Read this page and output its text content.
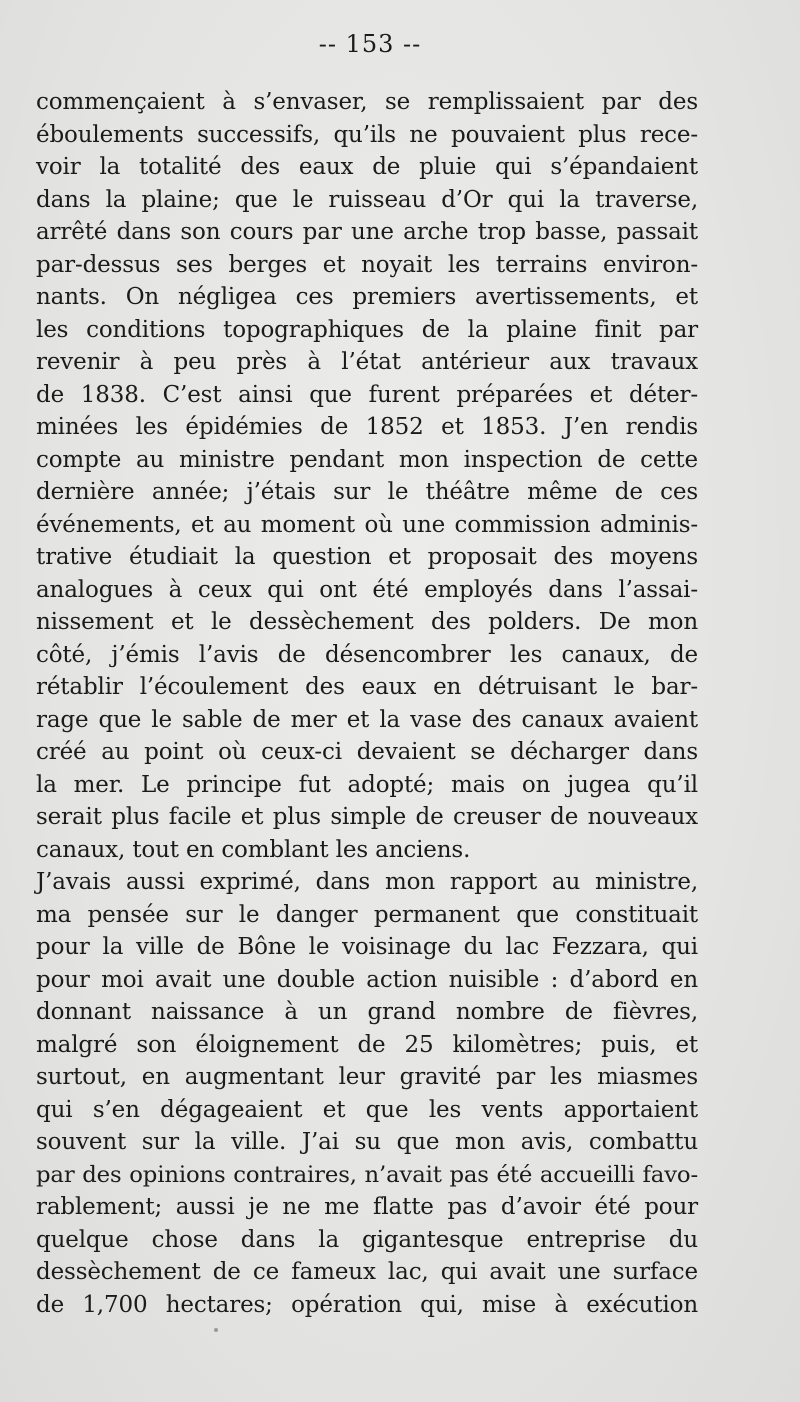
-- 153 --
commençaient à s’envaser, se remplissaient par des
éboulements successifs, qu’ils ne pouvaient plus rece-
voir la totalité des eaux de pluie qui s’épandaient
dans la plaine; que le ruisseau d’Or qui la traverse,
arrêté dans son cours par une arche trop basse, passait
par-dessus ses berges et noyait les terrains environ-
nants. On négligea ces premiers avertissements, et
les conditions topographiques de la plaine finit par
revenir à peu près à l’état antérieur aux travaux
de 1838. C’est ainsi que furent préparées et déter-
minées les épidémies de 1852 et 1853. J’en rendis
compte au ministre pendant mon inspection de cette
dernière année; j’étais sur le théâtre même de ces
événements, et au moment où une commission adminis-
trative étudiait la question et proposait des moyens
analogues à ceux qui ont été employés dans l’assai-
nissement et le dessèchement des polders. De mon
côté, j’émis l’avis de désencombrer les canaux, de
rétablir l’écoulement des eaux en détruisant le bar-
rage que le sable de mer et la vase des canaux avaient
créé au point où ceux-ci devaient se décharger dans
la mer. Le principe fut adopté; mais on jugea qu’il
serait plus facile et plus simple de creuser de nouveaux
canaux, tout en comblant les anciens.
J’avais aussi exprimé, dans mon rapport au ministre,
ma pensée sur le danger permanent que constituait
pour la ville de Bône le voisinage du lac Fezzara, qui
pour moi avait une double action nuisible : d’abord en
donnant naissance à un grand nombre de fièvres,
malgré son éloignement de 25 kilomètres; puis, et
surtout, en augmentant leur gravité par les miasmes
qui s’en dégageaient et que les vents apportaient
souvent sur la ville. J’ai su que mon avis, combattu
par des opinions contraires, n’avait pas été accueilli favo-
rablement; aussi je ne me flatte pas d’avoir été pour
quelque chose dans la gigantesque entreprise du
dessèchement de ce fameux lac, qui avait une surface
de 1,700 hectares; opération qui, mise à exécution
